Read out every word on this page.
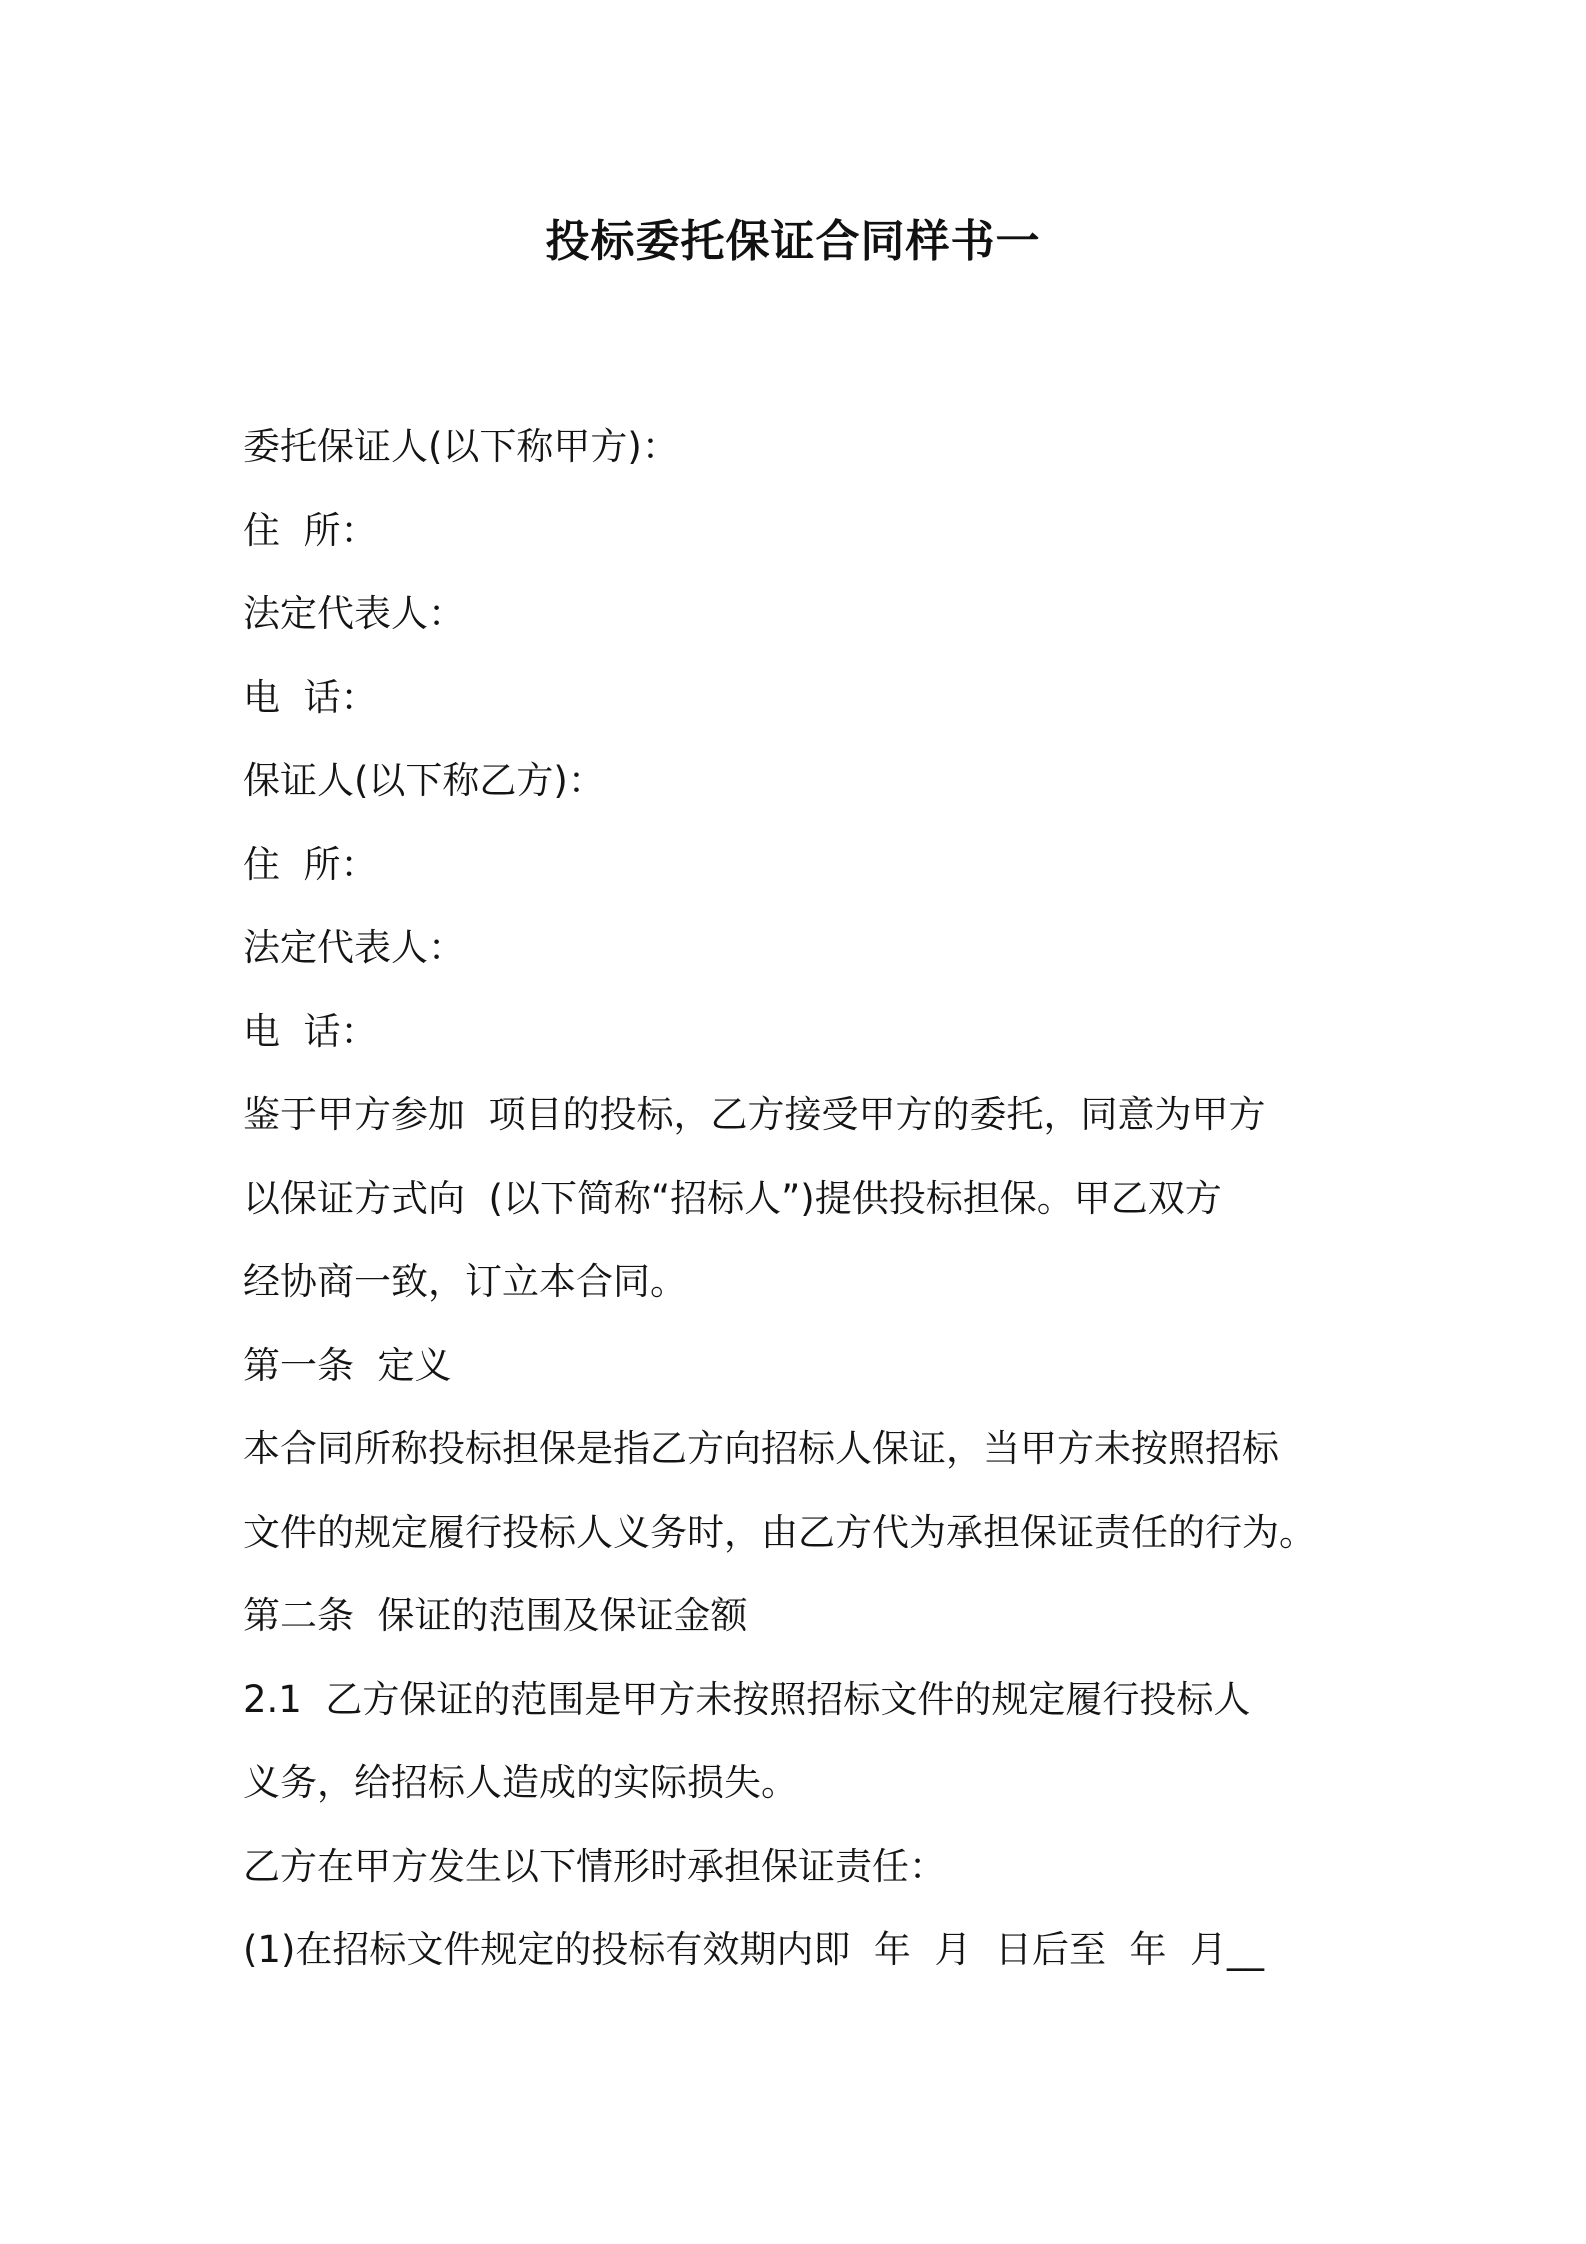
投标委托保证合同样书一
委托保证人(以下称甲方)：
住  所：
法定代表人：
电  话：
保证人(以下称乙方)：
住  所：
法定代表人：
电  话：
鉴于甲方参加  项目的投标，乙方接受甲方的委托，同意为甲方
以保证方式向  (以下简称“招标人”)提供投标担保。甲乙双方
经协商一致，订立本合同。
第一条  定义
本合同所称投标担保是指乙方向招标人保证，当甲方未按照招标
文件的规定履行投标人义务时，由乙方代为承担保证责任的行为。
第二条  保证的范围及保证金额
2.1  乙方保证的范围是甲方未按照招标文件的规定履行投标人
义务，给招标人造成的实际损失。
乙方在甲方发生以下情形时承担保证责任：
(1)在招标文件规定的投标有效期内即  年  月  日后至  年  月__
